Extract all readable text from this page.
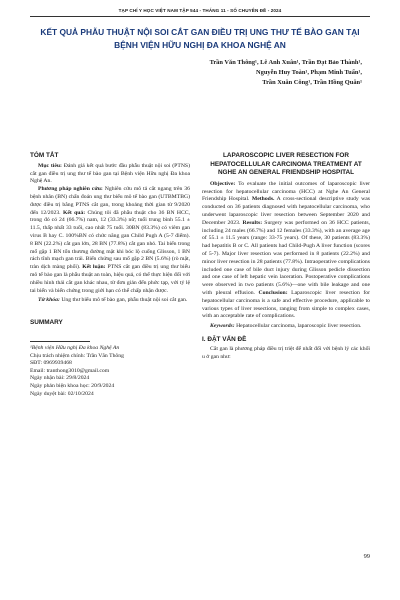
TẠP CHÍ Y HỌC VIỆT NAM TẬP 544 - THÁNG 11 - SỐ CHUYÊN ĐỀ - 2024
KẾT QUẢ PHẪU THUẬT NỘI SOI CẮT GAN ĐIỀU TRỊ UNG THƯ TẾ BÀO GAN TẠI BỆNH VIỆN HỮU NGHỊ ĐA KHOA NGHỆ AN
Trần Văn Thông¹, Lê Anh Xuân¹, Trần Đạt Bảo Thành¹,
Nguyễn Huy Toàn¹, Phạm Minh Tuấn¹,
Trần Xuân Công¹, Trần Hồng Quân¹
TÓM TẮT

Mục tiêu: Đánh giá kết quả bước đầu phẫu thuật nội soi (PTNS) cắt gan điều trị ung thư tế bào gan tại Bệnh viện Hữu nghị Đa khoa Nghệ An.

Phương pháp nghiên cứu: Nghiên cứu mô tả cắt ngang trên 36 bệnh nhân (BN) chẩn đoán ung thư biểu mô tế bào gan (UTBMTBG) được điều trị bằng PTNS cắt gan, trong khoảng thời gian từ 9/2020 đến 12/2023. Kết quả: Chúng tôi đã phẫu thuật cho 36 BN HCC, trong đó có 24 (66.7%) nam, 12 (33.3%) nữ; tuổi trung bình 55.1 ± 11.5, thấp nhất 33 tuổi, cao nhất 75 tuổi. 30BN (83.3%) có viêm gan virus B hay C. 100%BN có chức năng gan Child Pugh A (5-7 điểm). 8 BN (22.2%) cắt gan lớn, 28 BN (77.8%) cắt gan nhỏ. Tai biến trong mổ gặp 1 BN tổn thương đường mật khi bóc lộ cuống Glisson, 1 BN rách tĩnh mạch gan trái. Biến chứng sau mổ gặp 2 BN (5.6%) (rò mật, tràn dịch màng phổi). Kết luận: PTNS cắt gan điều trị ung thư biểu mô tế bào gan là phẫu thuật an toàn, hiệu quả, có thể thực hiện đối với nhiều hình thái cắt gan khác nhau, từ đơn giản đến phức tạp, với tỷ lệ tai biến và biến chứng trong giới hạn có thể chấp nhận được.

Từ khóa: Ung thư biểu mô tế bào gan, phẫu thuật nội soi cắt gan.

SUMMARY
¹Bệnh viện Hữu nghị Đa khoa Nghệ An
Chịu trách nhiệm chính: Trần Văn Thông
SĐT: 0969939468
Email: tranthong3010@gmail.com
Ngày nhận bài: 29/8/2024
Ngày phản biện khoa học: 20/9/2024
Ngày duyệt bài: 02/10/2024
LAPAROSCOPIC LIVER RESECTION FOR HEPATOCELLULAR CARCINOMA TREATMENT AT NGHE AN GENERAL FRIENDSHIP HOSPITAL

Objective: To evaluate the initial outcomes of laparoscopic liver resection for hepatocellular carcinoma (HCC) at Nghe An General Friendship Hospital. Methods. A cross-sectional descriptive study was conducted on 36 patients diagnosed with hepatocellular carcinoma, who underwent laparoscopic liver resection between September 2020 and December 2023. Results: Surgery was performed on 36 HCC patients, including 24 males (66.7%) and 12 females (33.3%), with an average age of 55.1 ± 11.5 years (range: 33-75 years). Of these, 30 patients (83.3%) had hepatitis B or C. All patients had Child-Pugh A liver function (scores of 5-7). Major liver resection was performed in 8 patients (22.2%) and minor liver resection in 28 patients (77.8%). Intraoperative complications included one case of bile duct injury during Glisson pedicle dissection and one case of left hepatic vein laceration. Postoperative complications were observed in two patients (5.6%)—one with bile leakage and one with pleural effusion. Conclusion: Laparoscopic liver resection for hepatocellular carcinoma is a safe and effective procedure, applicable to various types of liver resections, ranging from simple to complex cases, with an acceptable rate of complications.

Keywords: Hepatocellular carcinoma, laparoscopic liver resection.

I. ĐẶT VẤN ĐỀ

Cắt gan là phương pháp điều trị triệt để nhất đối với bệnh lý các khối u ở gan như:

99
